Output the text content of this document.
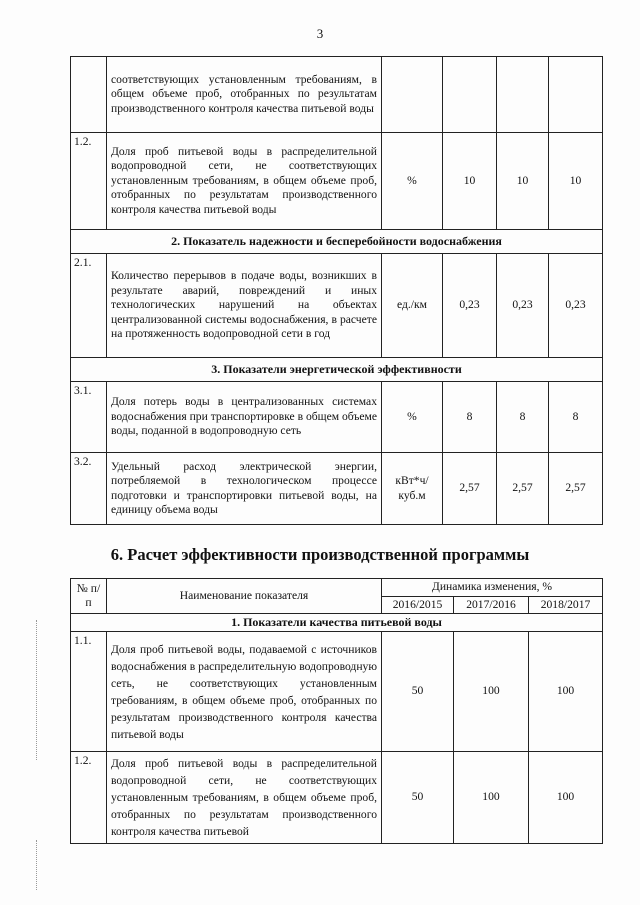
3
	соответствующих установленным требованиям, в общем объеме проб, отобранных по результатам производственного контроля качества питьевой воды				
1.2.	Доля проб питьевой воды в распределительной водопроводной сети, не соответствующих установленным требованиям, в общем объеме проб, отобранных по результатам производственного контроля качества питьевой воды	%	10	10	10
2. Показатель надежности и бесперебойности водоснабжения					
2.1.	Количество перерывов в подаче воды, возникших в результате аварий, повреждений и иных технологических нарушений на объектах централизованной системы водоснабжения, в расчете на протяженность водопроводной сети в год	ед./км	0,23	0,23	0,23
3. Показатели энергетической эффективности					
3.1.	Доля потерь воды в централизованных системах водоснабжения при транспортировке в общем объеме воды, поданной в водопроводную сеть	%	8	8	8
3.2.	Удельный расход электрической энергии, потребляемой в технологическом процессе подготовки и транспортировки питьевой воды, на единицу объема воды	кВт*ч/ куб.м	2,57	2,57	2,57
6. Расчет эффективности производственной программы
№ п/п	Наименование показателя	Динамика изменения, %		
		2016/2015	2017/2016	2018/2017
1. Показатели качества питьевой воды				
1.1.	Доля проб питьевой воды, подаваемой с источников водоснабжения в распределительную водопроводную сеть, не соответствующих установленным требованиям, в общем объеме проб, отобранных по результатам производственного контроля качества питьевой воды	50	100	100
1.2.	Доля проб питьевой воды в распределительной водопроводной сети, не соответствующих установленным требованиям, в общем объеме проб, отобранных по результатам производственного контроля качества питьевой	50	100	100
